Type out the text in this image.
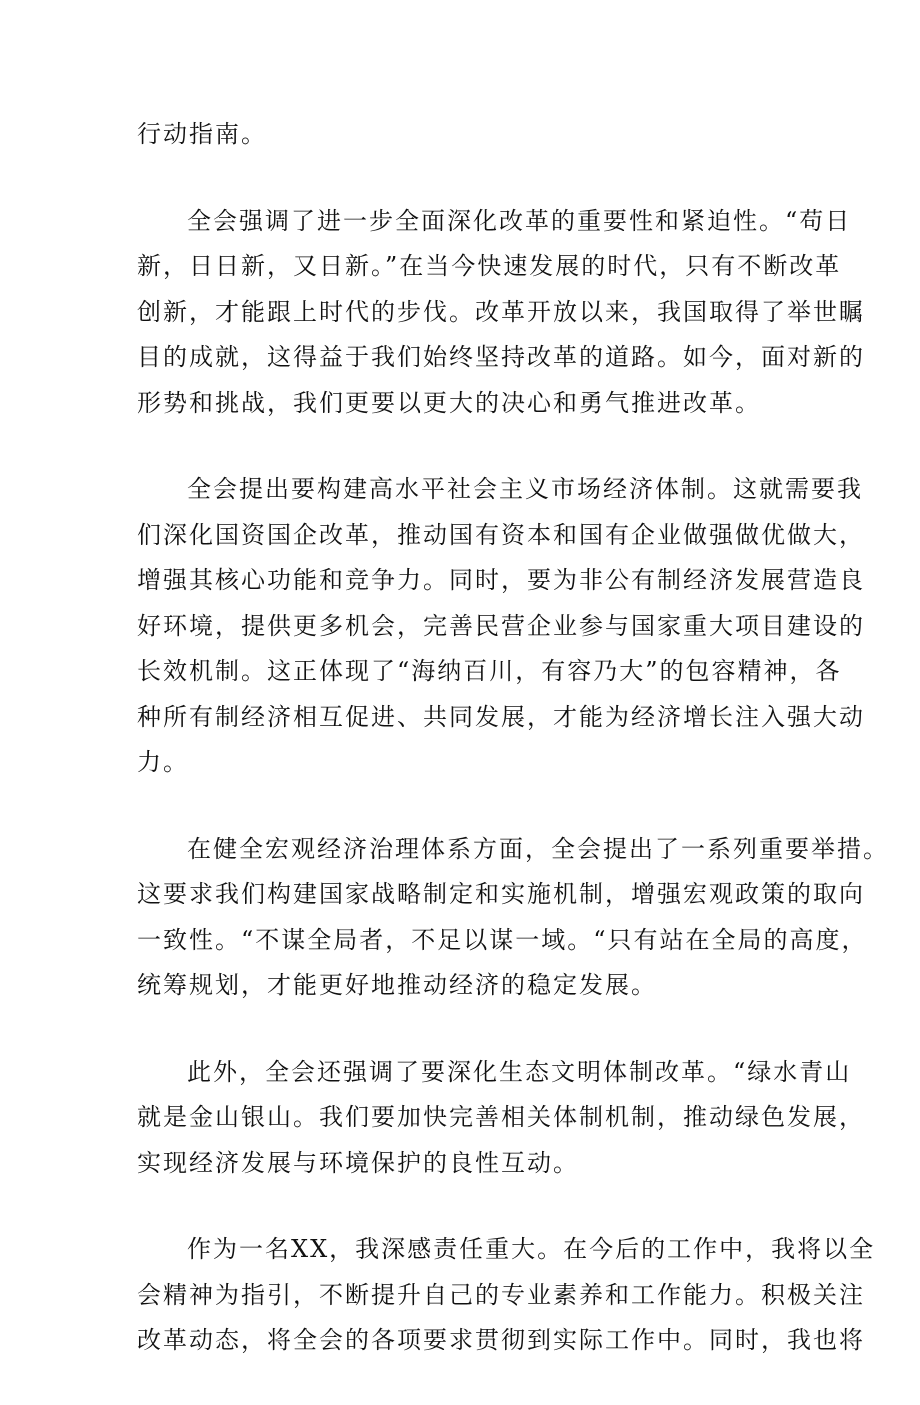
行动指南。

全会强调了进一步全面深化改革的重要性和紧迫性。“苟日
新，日日新，又日新。”在当今快速发展的时代，只有不断改革
创新，才能跟上时代的步伐。改革开放以来，我国取得了举世瞩
目的成就，这得益于我们始终坚持改革的道路。如今，面对新的
形势和挑战，我们更要以更大的决心和勇气推进改革。

全会提出要构建高水平社会主义市场经济体制。这就需要我
们深化国资国企改革，推动国有资本和国有企业做强做优做大，
增强其核心功能和竞争力。同时，要为非公有制经济发展营造良
好环境，提供更多机会，完善民营企业参与国家重大项目建设的
长效机制。这正体现了“海纳百川，有容乃大”的包容精神，各
种所有制经济相互促进、共同发展，才能为经济增长注入强大动
力。

在健全宏观经济治理体系方面，全会提出了一系列重要举措。
这要求我们构建国家战略制定和实施机制，增强宏观政策的取向
一致性。“不谋全局者，不足以谋一域。“只有站在全局的高度，
统筹规划，才能更好地推动经济的稳定发展。

此外，全会还强调了要深化生态文明体制改革。“绿水青山
就是金山银山。我们要加快完善相关体制机制，推动绿色发展，
实现经济发展与环境保护的良性互动。

作为一名XX，我深感责任重大。在今后的工作中，我将以全
会精神为指引，不断提升自己的专业素养和工作能力。积极关注
改革动态，将全会的各项要求贯彻到实际工作中。同时，我也将
